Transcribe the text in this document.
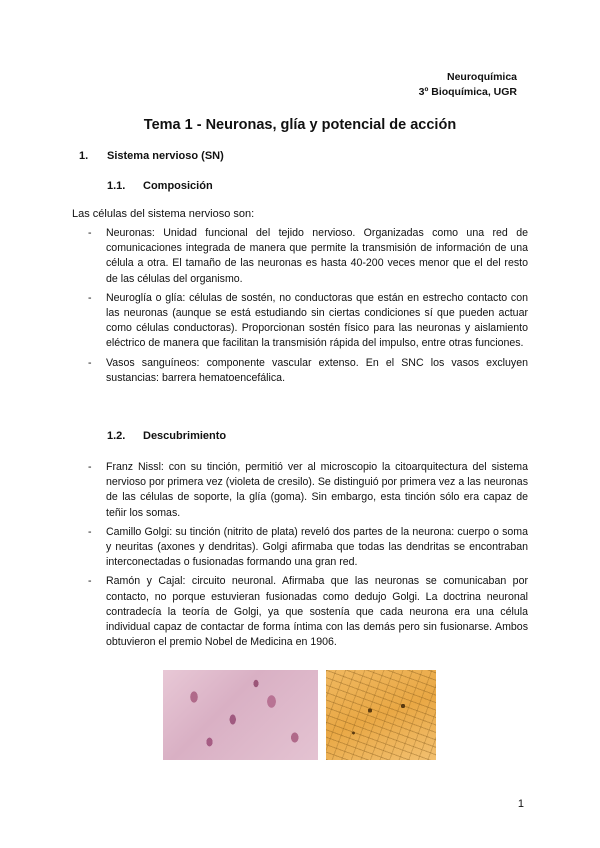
Neuroquímica
3º Bioquímica, UGR
Tema 1 - Neuronas, glía y potencial de acción
1. Sistema nervioso (SN)
1.1. Composición
Las células del sistema nervioso son:
- Neuronas: Unidad funcional del tejido nervioso. Organizadas como una red de comunicaciones integrada de manera que permite la transmisión de información de una célula a otra. El tamaño de las neuronas es hasta 40-200 veces menor que el del resto de las células del organismo.
- Neuroglía o glía: células de sostén, no conductoras que están en estrecho contacto con las neuronas (aunque se está estudiando sin ciertas condiciones sí que pueden actuar como células conductoras). Proporcionan sostén físico para las neuronas y aislamiento eléctrico de manera que facilitan la transmisión rápida del impulso, entre otras funciones.
- Vasos sanguíneos: componente vascular extenso. En el SNC los vasos excluyen sustancias: barrera hematoencefálica.
1.2. Descubrimiento
- Franz Nissl: con su tinción, permitió ver al microscopio la citoarquitectura del sistema nervioso por primera vez (violeta de cresilo). Se distinguió por primera vez a las neuronas de las células de soporte, la glía (goma). Sin embargo, esta tinción sólo era capaz de teñir los somas.
- Camillo Golgi: su tinción (nitrito de plata) reveló dos partes de la neurona: cuerpo o soma y neuritas (axones y dendritas). Golgi afirmaba que todas las dendritas se encontraban interconectadas o fusionadas formando una gran red.
- Ramón y Cajal: circuito neuronal. Afirmaba que las neuronas se comunicaban por contacto, no porque estuvieran fusionadas como dedujo Golgi. La doctrina neuronal contradecía la teoría de Golgi, ya que sostenía que cada neurona era una célula individual capaz de contactar de forma íntima con las demás pero sin fusionarse. Ambos obtuvieron el premio Nobel de Medicina en 1906.
1
